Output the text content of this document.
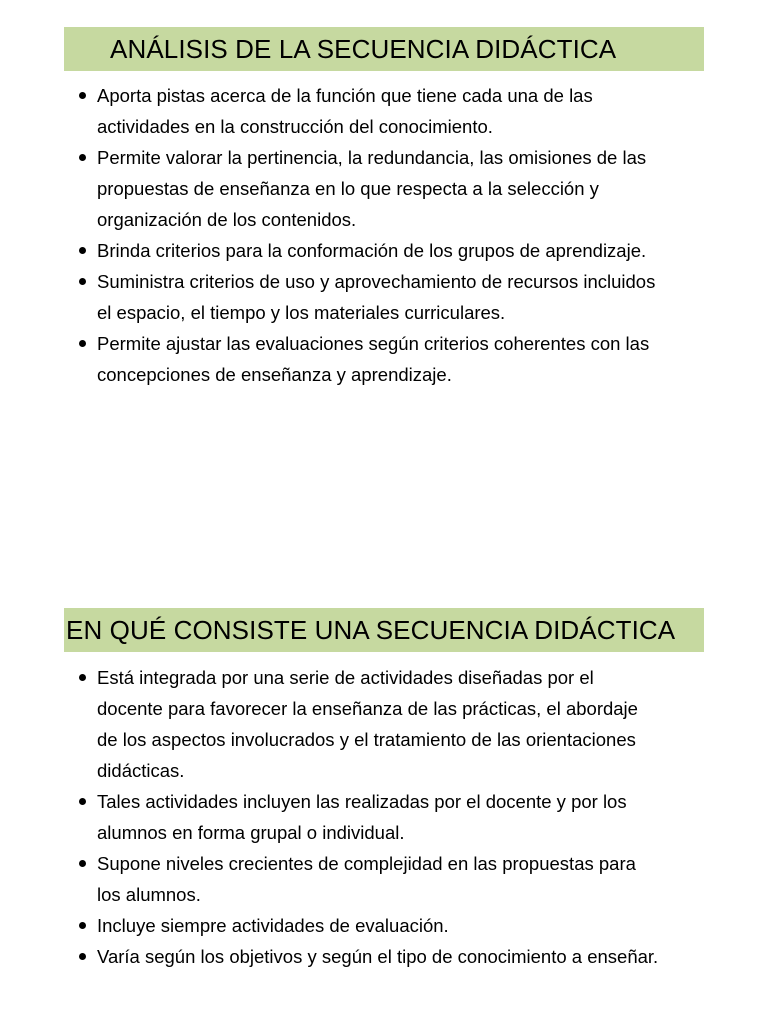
ANÁLISIS DE LA SECUENCIA DIDÁCTICA
Aporta pistas acerca de la función que tiene cada una de las
actividades en la construcción del conocimiento.
Permite valorar la pertinencia, la redundancia, las omisiones de las
propuestas de enseñanza en lo que respecta a la selección y
organización de los contenidos.
Brinda criterios para la conformación de los grupos de aprendizaje.
Suministra criterios de uso y aprovechamiento de recursos incluidos
el espacio, el tiempo y los materiales curriculares.
Permite ajustar las evaluaciones según criterios coherentes con las
concepciones de enseñanza y aprendizaje.
EN QUÉ CONSISTE UNA SECUENCIA DIDÁCTICA
Está integrada por una serie de actividades diseñadas por el
docente para favorecer la enseñanza de las prácticas, el abordaje
de los aspectos involucrados y el tratamiento de las orientaciones
didácticas.
Tales actividades incluyen las realizadas por el docente y por los
alumnos en forma grupal o individual.
Supone niveles crecientes de complejidad en las propuestas para
los alumnos.
Incluye siempre actividades de evaluación.
Varía según los objetivos y según el tipo de conocimiento a enseñar.
